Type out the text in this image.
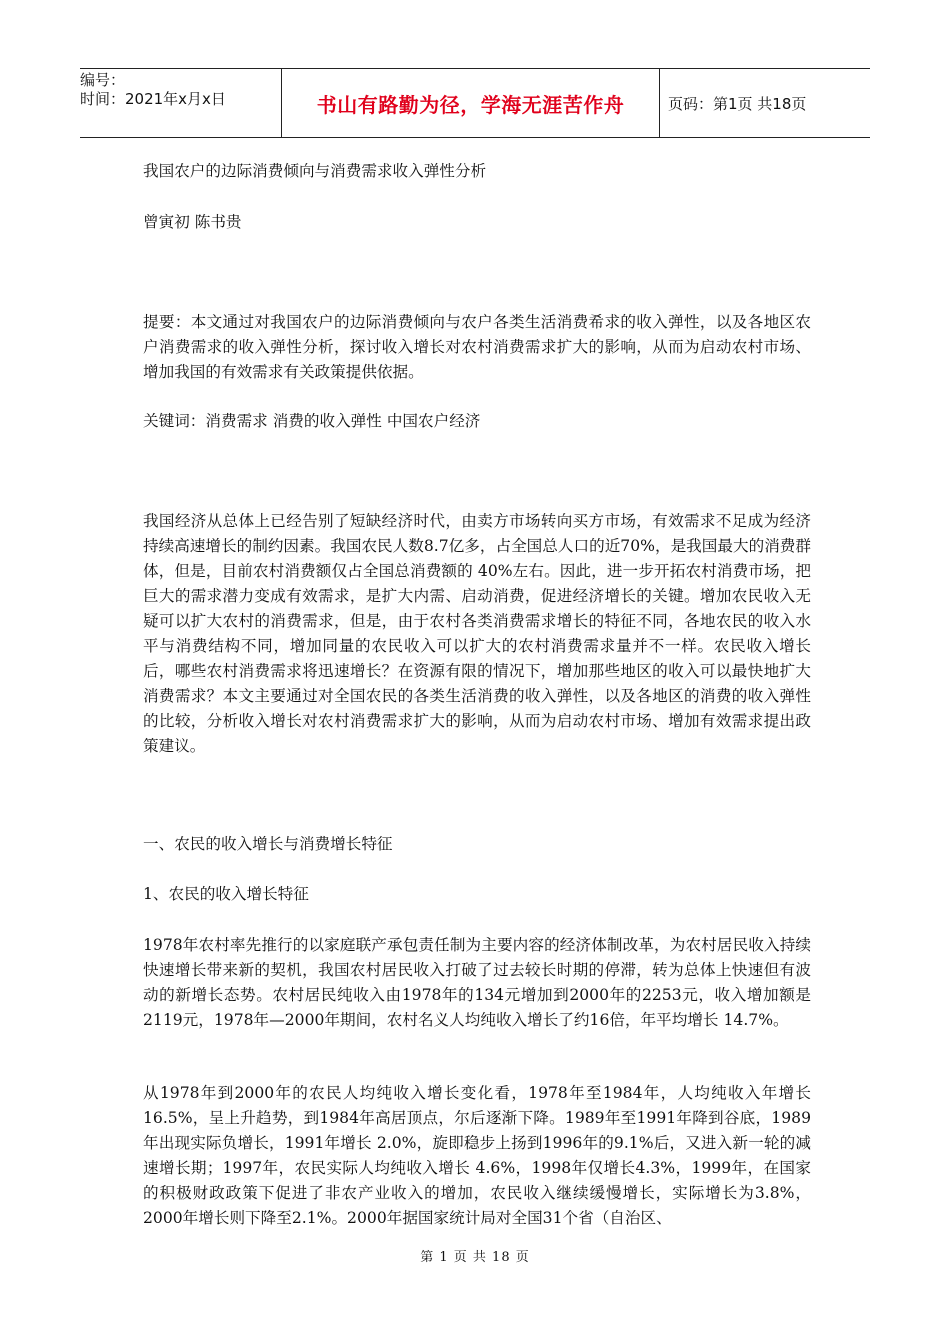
编号：
时间：2021年x月x日	书山有路勤为径，学海无涯苦作舟	页码：第1页 共18页

我国农户的边际消费倾向与消费需求收入弹性分析

曾寅初 陈书贵

提要：本文通过对我国农户的边际消费倾向与农户各类生活消费希求的收入弹性，以及各地区农户消费需求的收入弹性分析，探讨收入增长对农村消费需求扩大的影响，从而为启动农村市场、增加我国的有效需求有关政策提供依据。

关键词：消费需求 消费的收入弹性 中国农户经济

我国经济从总体上已经告别了短缺经济时代，由卖方市场转向买方市场，有效需求不足成为经济持续高速增长的制约因素。我国农民人数8.7亿多，占全国总人口的近70%，是我国最大的消费群体，但是，目前农村消费额仅占全国总消费额的 40%左右。因此，进一步开拓农村消费市场，把巨大的需求潜力变成有效需求，是扩大内需、启动消费，促进经济增长的关键。增加农民收入无疑可以扩大农村的消费需求，但是，由于农村各类消费需求增长的特征不同，各地农民的收入水平与消费结构不同，增加同量的农民收入可以扩大的农村消费需求量并不一样。农民收入增长后，哪些农村消费需求将迅速增长？在资源有限的情况下，增加那些地区的收入可以最快地扩大消费需求？本文主要通过对全国农民的各类生活消费的收入弹性，以及各地区的消费的收入弹性的比较，分析收入增长对农村消费需求扩大的影响，从而为启动农村市场、增加有效需求提出政策建议。

一、农民的收入增长与消费增长特征

1、农民的收入增长特征

1978年农村率先推行的以家庭联产承包责任制为主要内容的经济体制改革，为农村居民收入持续快速增长带来新的契机，我国农村居民收入打破了过去较长时期的停滞，转为总体上快速但有波动的新增长态势。农村居民纯收入由1978年的134元增加到2000年的2253元，收入增加额是2119元，1978年—2000年期间，农村名义人均纯收入增长了约16倍，年平均增长 14.7%。

从1978年到2000年的农民人均纯收入增长变化看，1978年至1984年，人均纯收入年增长16.5%，呈上升趋势，到1984年高居顶点，尔后逐渐下降。1989年至1991年降到谷底，1989年出现实际负增长，1991年增长 2.0%，旋即稳步上扬到1996年的9.1%后，又进入新一轮的减速增长期；1997年，农民实际人均纯收入增长 4.6%，1998年仅增长4.3%，1999年，在国家的积极财政政策下促进了非农产业收入的增加，农民收入继续缓慢增长，实际增长为3.8%，2000年增长则下降至2.1%。2000年据国家统计局对全国31个省（自治区、

第 1 页 共 18 页
